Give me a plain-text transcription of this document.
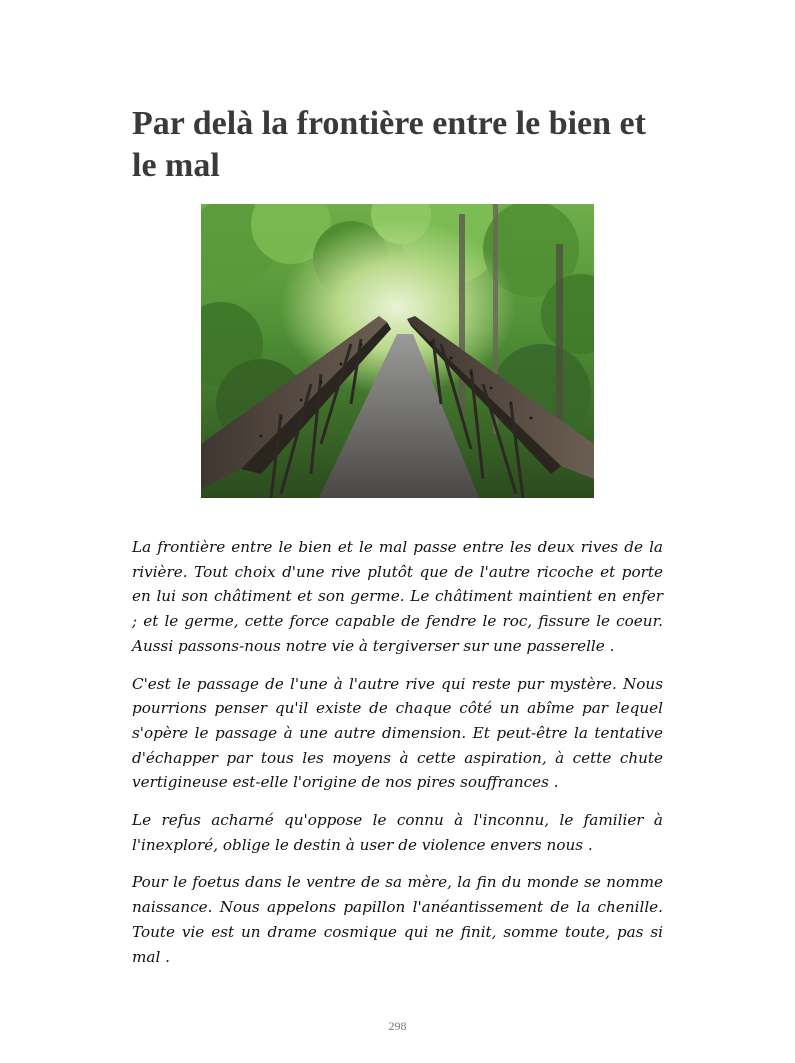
Par delà la frontière entre le bien et le mal

La frontière entre le bien et le mal passe entre les deux rives de la rivière. Tout choix d'une rive plutôt que de l'autre ricoche et porte en lui son châtiment et son germe. Le châtiment maintient en enfer ; et le germe, cette force capable de fendre le roc, fissure le coeur. Aussi passons-nous notre vie à tergiverser sur une passerelle .

C'est le passage de l'une à l'autre rive qui reste pur mystère. Nous pourrions penser qu'il existe de chaque côté un abîme par lequel s'opère le passage à une autre dimension. Et peut-être la tentative d'échapper par tous les moyens à cette aspiration, à cette chute vertigineuse est-elle l'origine de nos pires souffrances .

Le refus acharné qu'oppose le connu à l'inconnu, le familier à l'inexploré, oblige le destin à user de violence envers nous .

Pour le foetus dans le ventre de sa mère, la fin du monde se nomme naissance. Nous appelons papillon l'anéantissement de la chenille. Toute vie est un drame cosmique qui ne finit, somme toute, pas si mal .

298
